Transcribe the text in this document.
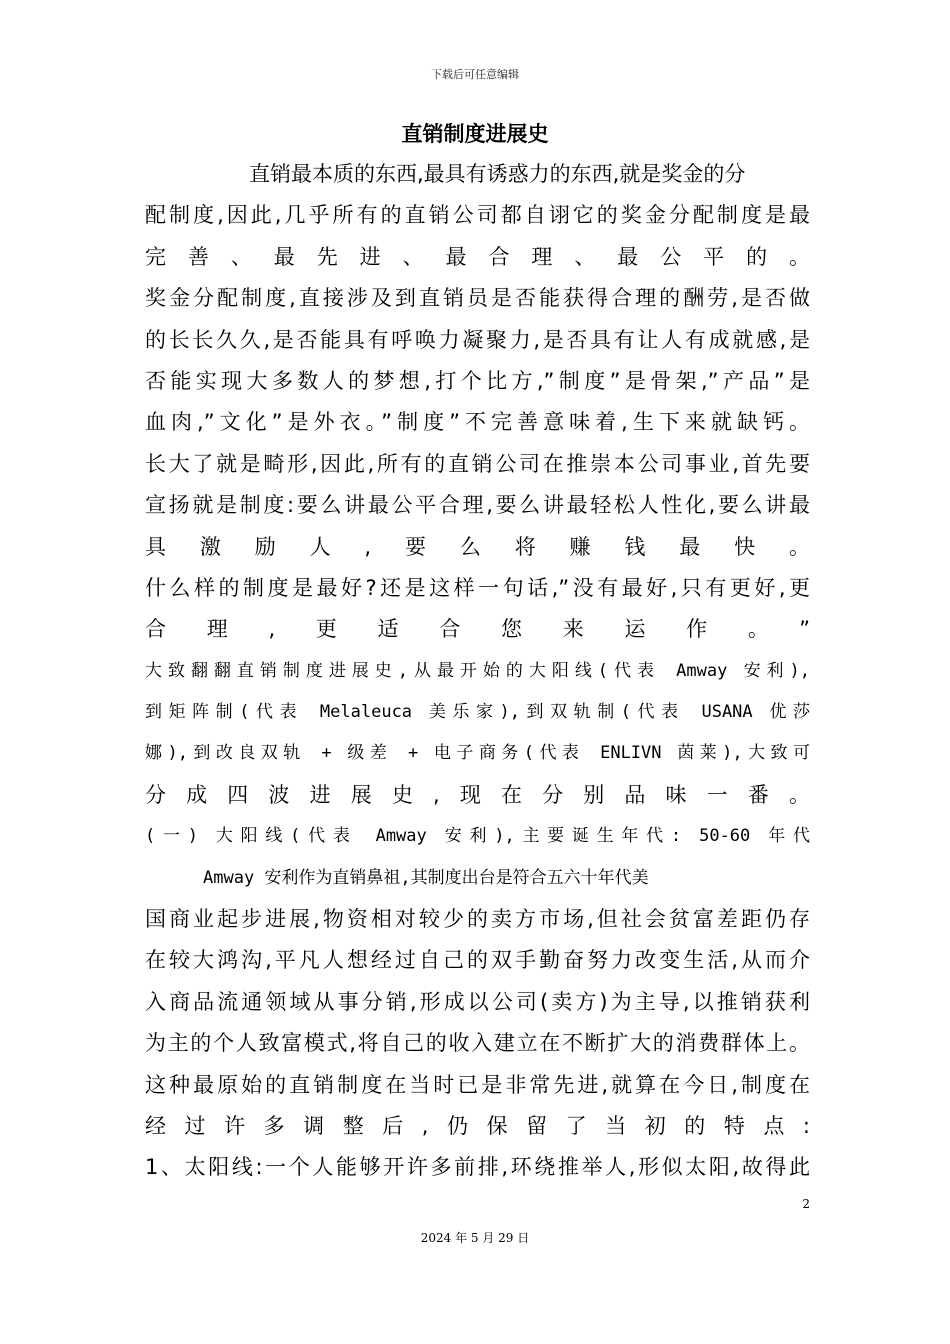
下载后可任意编辑
直销制度进展史
直销最本质的东西,最具有诱惑力的东西,就是奖金的分
配制度,因此,几乎所有的直销公司都自诩它的奖金分配制度是最
完善、最先进、最合理、最公平的。
奖金分配制度,直接涉及到直销员是否能获得合理的酬劳,是否做
的长长久久,是否能具有呼唤力凝聚力,是否具有让人有成就感,是
否能实现大多数人的梦想,打个比方,”制度”是骨架,”产品”是
血肉,”文化”是外衣。”制度”不完善意味着,生下来就缺钙。
长大了就是畸形,因此,所有的直销公司在推崇本公司事业,首先要
宣扬就是制度:要么讲最公平合理,要么讲最轻松人性化,要么讲最
具激励人,要么将赚钱最快。
什么样的制度是最好?还是这样一句话,”没有最好,只有更好,更
合理,更适合您来运作。”
大致翻翻直销制度进展史,从最开始的大阳线(代表 Amway 安利),
到矩阵制(代表 Melaleuca 美乐家),到双轨制(代表 USANA 优莎
娜),到改良双轨 + 级差 + 电子商务(代表 ENLIVN 茵莱),大致可
分成四波进展史,现在分别品味一番。
(一) 大阳线(代表 Amway 安利),主要诞生年代: 50-60 年代
Amway 安利作为直销鼻祖,其制度出台是符合五六十年代美
国商业起步进展,物资相对较少的卖方市场,但社会贫富差距仍存
在较大鸿沟,平凡人想经过自己的双手勤奋努力改变生活,从而介
入商品流通领域从事分销,形成以公司(卖方)为主导,以推销获利
为主的个人致富模式,将自己的收入建立在不断扩大的消费群体上。
这种最原始的直销制度在当时已是非常先进,就算在今日,制度在
经过许多调整后,仍保留了当初的特点:
1、太阳线:一个人能够开许多前排,环绕推举人,形似太阳,故得此
2
2024 年 5 月 29 日
